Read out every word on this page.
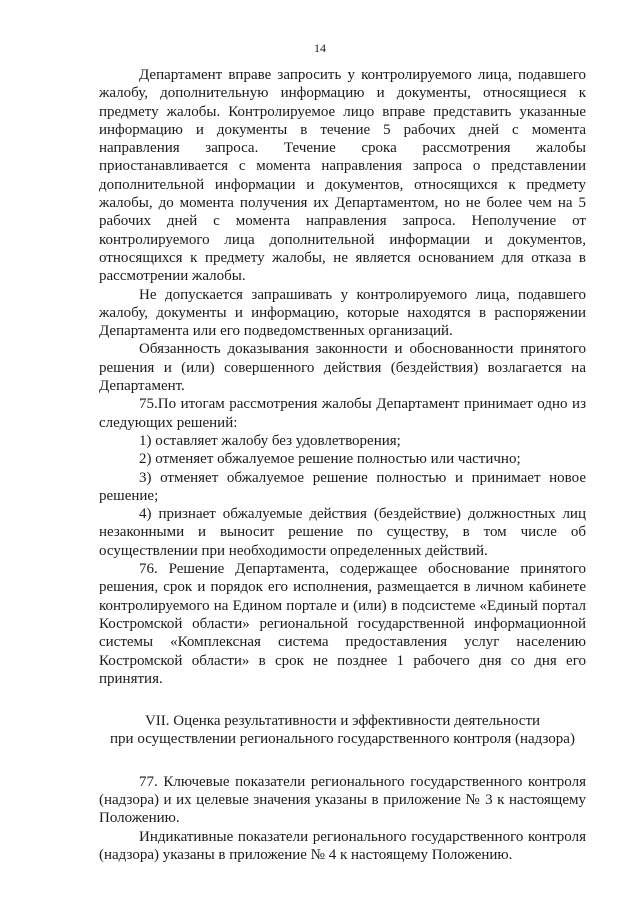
14

Департамент вправе запросить у контролируемого лица, подавшего жалобу, дополнительную информацию и документы, относящиеся к предмету жалобы. Контролируемое лицо вправе представить указанные информацию и документы в течение 5 рабочих дней с момента направления запроса. Течение срока рассмотрения жалобы приостанавливается с момента направления запроса о представлении дополнительной информации и документов, относящихся к предмету жалобы, до момента получения их Департаментом, но не более чем на 5 рабочих дней с момента направления запроса. Неполучение от контролируемого лица дополнительной информации и документов, относящихся к предмету жалобы, не является основанием для отказа в рассмотрении жалобы.

Не допускается запрашивать у контролируемого лица, подавшего жалобу, документы и информацию, которые находятся в распоряжении Департамента или его подведомственных организаций.

Обязанность доказывания законности и обоснованности принятого решения и (или) совершенного действия (бездействия) возлагается на Департамент.

75.По итогам рассмотрения жалобы Департамент принимает одно из следующих решений:

1) оставляет жалобу без удовлетворения;

2) отменяет обжалуемое решение полностью или частично;

3) отменяет обжалуемое решение полностью и принимает новое решение;

4) признает обжалуемые действия (бездействие) должностных лиц незаконными и выносит решение по существу, в том числе об осуществлении при необходимости определенных действий.

76. Решение Департамента, содержащее обоснование принятого решения, срок и порядок его исполнения, размещается в личном кабинете контролируемого на Едином портале и (или) в подсистеме «Единый портал Костромской области» региональной государственной информационной системы «Комплексная система предоставления услуг населению Костромской области» в срок не позднее 1 рабочего дня со дня его принятия.

VII. Оценка результативности и эффективности деятельности
при осуществлении регионального государственного контроля (надзора)

77. Ключевые показатели регионального государственного контроля (надзора) и их целевые значения указаны в приложение № 3 к настоящему Положению.

Индикативные показатели регионального государственного контроля (надзора) указаны в приложение № 4 к настоящему Положению.
